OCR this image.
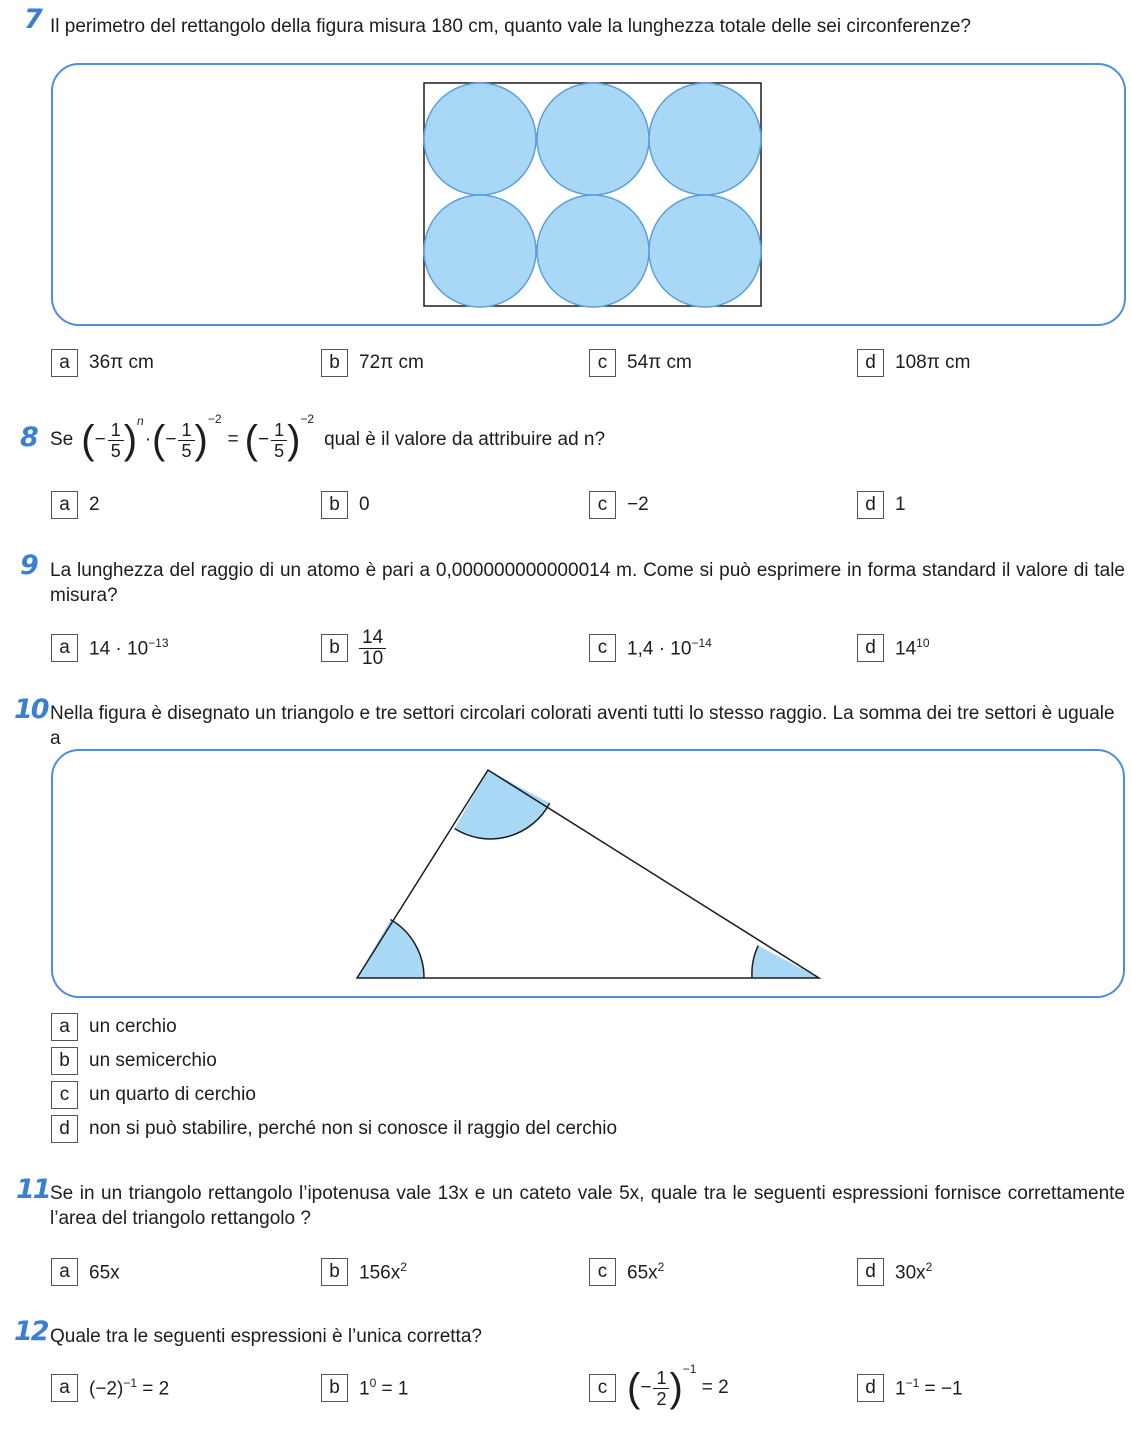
7 Il perimetro del rettangolo della figura misura 180 cm, quanto vale la lunghezza totale delle sei circonferenze?
a	36π cm	b	72π cm	c	54π cm	d	108π cm
8 Se ( − $\frac{1}{5}$ ) n
· ( − $\frac{1}{5}$ ) −2
= ( − $\frac{1}{5}$ ) −2
qual è il valore da attribuire ad n?
a	2	b	0	c	−2	d	1
9 La lunghezza del raggio di un atomo è pari a 0,000000000000014 m. Come si può esprimere in forma standard il valore di tale misura?
a	$14 \cdot 10^{-13}$	b	$\frac{14}{10}$	c	$1,4 \cdot 10^{-14}$	d	$14^{10}$
10 Nella figura è disegnato un triangolo e tre settori circolari colorati aventi tutti lo stesso raggio. La somma dei tre settori è uguale a
a	un cerchio
b	un semicerchio
c	un quarto di cerchio
d	non si può stabilire, perché non si conosce il raggio del cerchio
11 Se in un triangolo rettangolo l’ipotenusa vale 13x e un cateto vale 5x, quale tra le seguenti espressioni fornisce correttamente l’area del triangolo rettangolo ?
a	65x	b	$156x^2$	c	$65x^2$	d	$30x^2$
12 Quale tra le seguenti espressioni è l’unica corretta?
a	$(-2)^{-1} = 2$	b	$1^0 = 1$	c ( − $\frac{1}{2}$ ) −1
= 2	d	$1^{-1} = -1$
